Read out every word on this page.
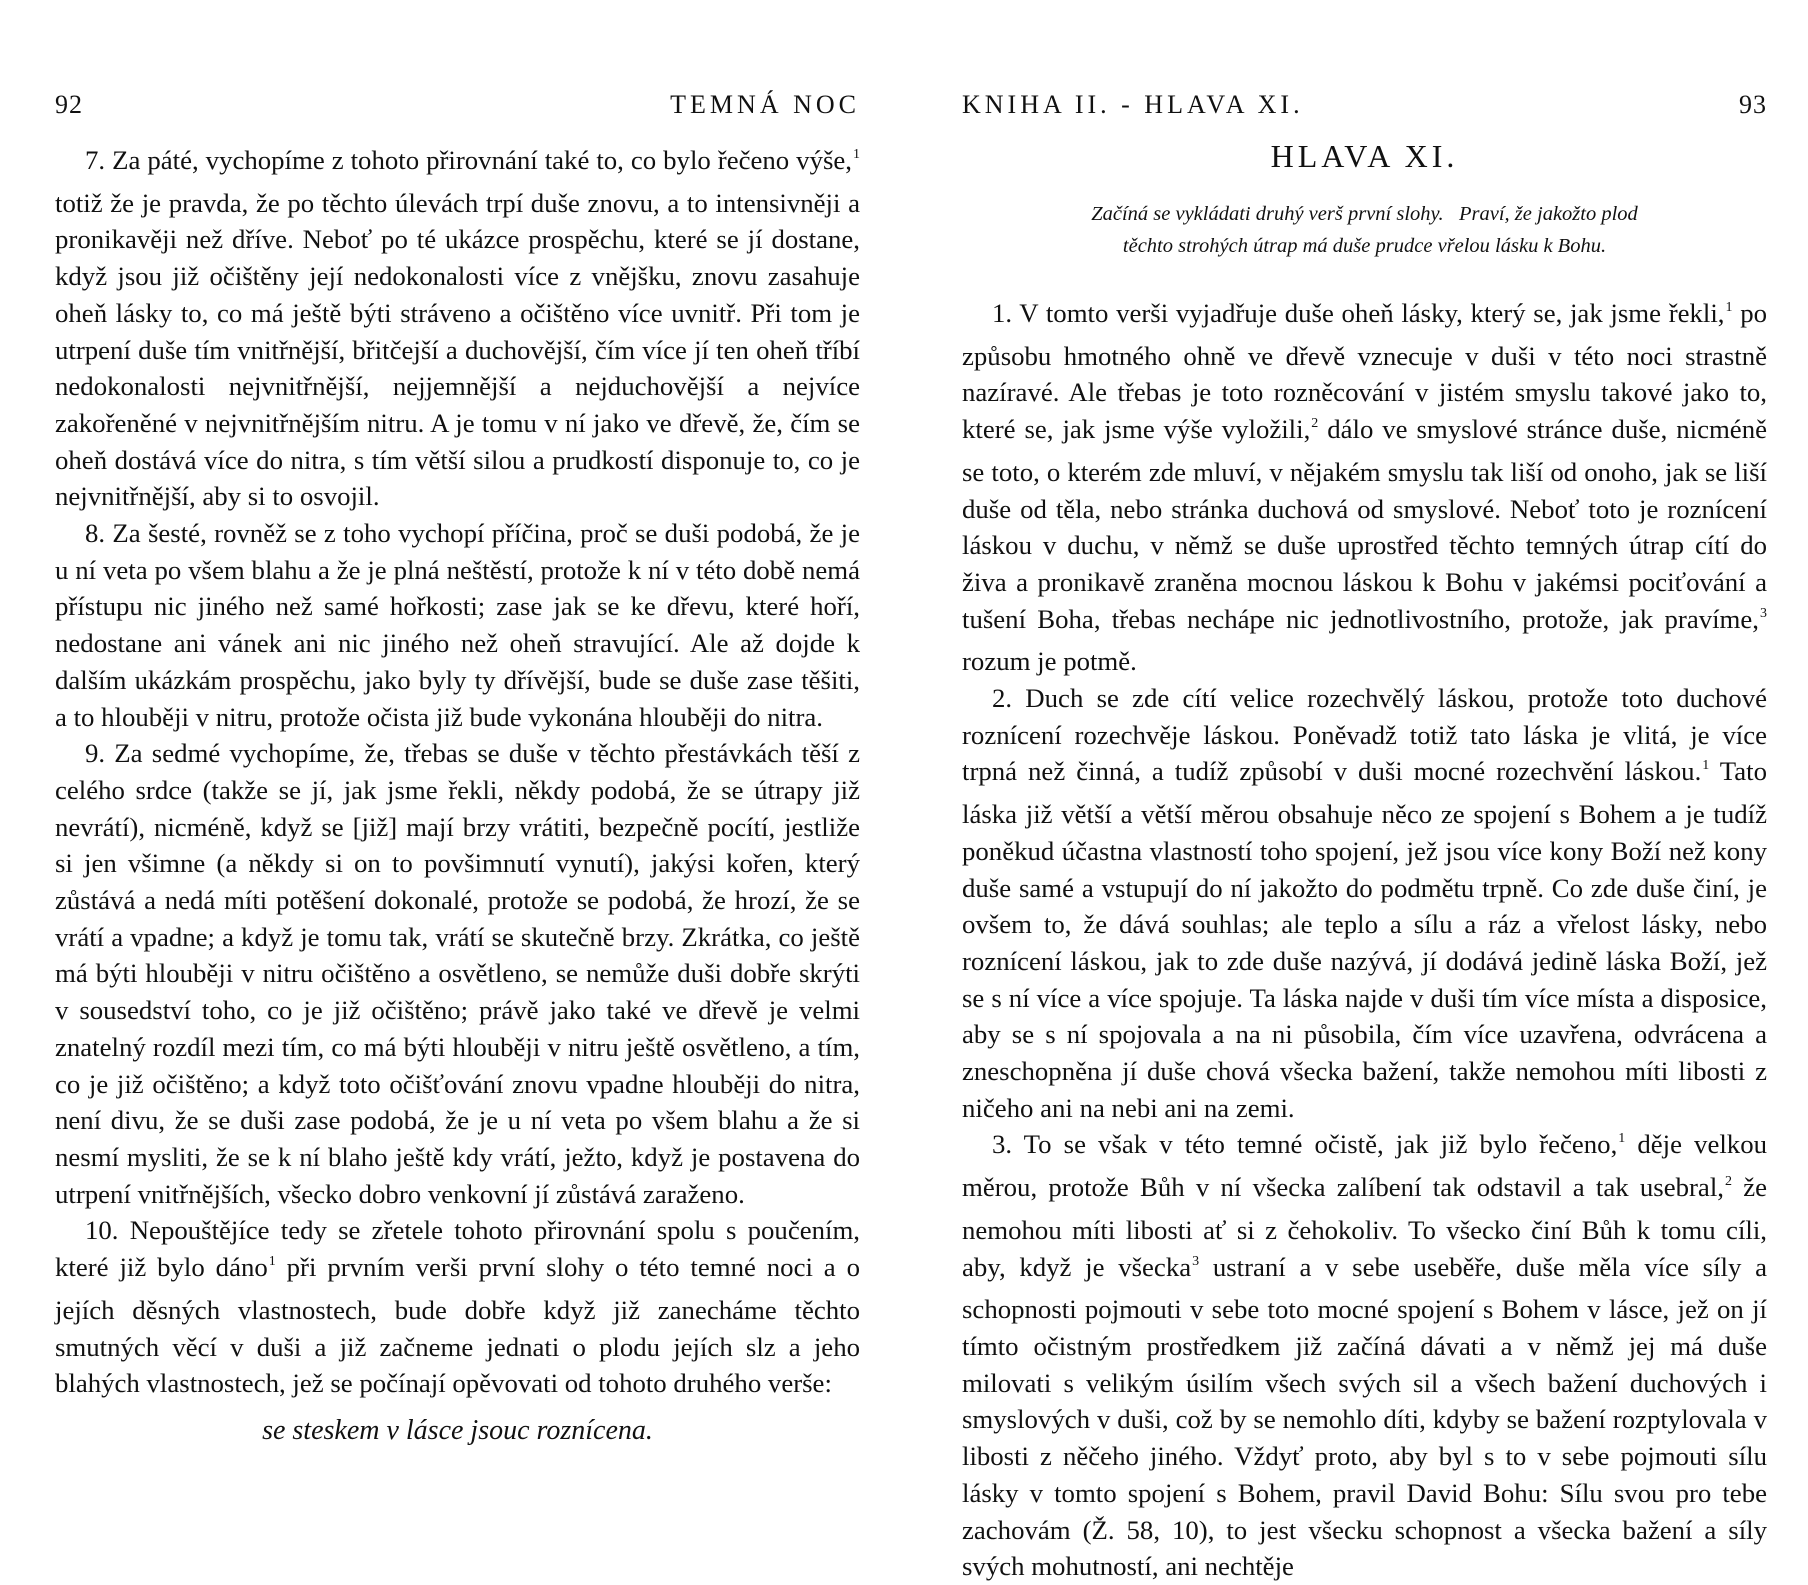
92	TEMNÁ NOC

7. Za páté, vychopíme z tohoto přirovnání také to, co bylo řečeno výše,$^1$ totiž že je pravda, že po těchto úlevách trpí duše znovu, a to intensivněji a pronikavěji než dříve. Neboť po té ukázce prospěchu, které se jí dostane, když jsou již očištěny její nedokonalosti více z vnějšku, znovu zasahuje oheň lásky to, co má ještě býti stráveno a očištěno více uvnitř. Při tom je utrpení duše tím vnitřnější, břitčejší a duchovější, čím více jí ten oheň tříbí nedokonalosti nejvnitřnější, nejjemnější a nejduchovější a nejvíce zakořeněné v nejvnitřnějším nitru. A je tomu v ní jako ve dřevě, že, čím se oheň dostává více do nitra, s tím větší silou a prudkostí disponuje to, co je nejvnitřnější, aby si to osvojil.

8. Za šesté, rovněž se z toho vychopí příčina, proč se duši podobá, že je u ní veta po všem blahu a že je plná neštěstí, protože k ní v této době nemá přístupu nic jiného než samé hořkosti; zase jak se ke dřevu, které hoří, nedostane ani vánek ani nic jiného než oheň stravující. Ale až dojde k dalším ukázkám prospěchu, jako byly ty dřívější, bude se duše zase těšiti, a to hlouběji v nitru, protože očista již bude vykonána hlouběji do nitra.

9. Za sedmé vychopíme, že, třebas se duše v těchto přestávkách těší z celého srdce (takže se jí, jak jsme řekli, někdy podobá, že se útrapy již nevrátí), nicméně, když se [již] mají brzy vrátiti, bezpečně pocítí, jestliže si jen všimne (a někdy si on to povšimnutí vynutí), jakýsi kořen, který zůstává a nedá míti potěšení dokonalé, protože se podobá, že hrozí, že se vrátí a vpadne; a když je tomu tak, vrátí se skutečně brzy. Zkrátka, co ještě má býti hlouběji v nitru očištěno a osvětleno, se nemůže duši dobře skrýti v sousedství toho, co je již očištěno; právě jako také ve dřevě je velmi znatelný rozdíl mezi tím, co má býti hlouběji v nitru ještě osvětleno, a tím, co je již očištěno; a když toto očišťování znovu vpadne hlouběji do nitra, není divu, že se duši zase podobá, že je u ní veta po všem blahu a že si nesmí mysliti, že se k ní blaho ještě kdy vrátí, ježto, když je postavena do utrpení vnitřnějších, všecko dobro venkovní jí zůstává zaraženo.

10. Nepouštějíce tedy se zřetele tohoto přirovnání spolu s poučením, které již bylo dáno$^1$ při prvním verši první slohy o této temné noci a o jejích děsných vlastnostech, bude dobře když již zanecháme těchto smutných věcí v duši a již začneme jednati o plodu jejích slz a jeho blahých vlastnostech, jež se počínají opěvovati od tohoto druhého verše:

se steskem v lásce jsouc roznícena.
KNIHA II. - HLAVA XI.	93
HLAVA XI.
Začíná se vykládati druhý verš první slohy.   Praví, že jakožto plod
těchto strohých útrap má duše prudce vřelou lásku k Bohu.

1. V tomto verši vyjadřuje duše oheň lásky, který se, jak jsme řekli,$^1$ po způsobu hmotného ohně ve dřevě vznecuje v duši v této noci strastně nazíravé. Ale třebas je toto rozněcování v jistém smyslu takové jako to, které se, jak jsme výše vyložili,$^2$ dálo ve smyslové stránce duše, nicméně se toto, o kterém zde mluví, v nějakém smyslu tak liší od onoho, jak se liší duše od těla, nebo stránka duchová od smyslové. Neboť toto je roznícení láskou v duchu, v němž se duše uprostřed těchto temných útrap cítí do živa a pronikavě zraněna mocnou láskou k Bohu v jakémsi pociťování a tušení Boha, třebas nechápe nic jednotlivostního, protože, jak pravíme,$^3$ rozum je potmě.

2. Duch se zde cítí velice rozechvělý láskou, protože toto duchové roznícení rozechvěje láskou. Poněvadž totiž tato láska je vlitá, je více trpná než činná, a tudíž způsobí v duši mocné rozechvění láskou.$^1$ Tato láska již větší a větší měrou obsahuje něco ze spojení s Bohem a je tudíž poněkud účastna vlastností toho spojení, jež jsou více kony Boží než kony duše samé a vstupují do ní jakožto do podmětu trpně. Co zde duše činí, je ovšem to, že dává souhlas; ale teplo a sílu a ráz a vřelost lásky, nebo roznícení láskou, jak to zde duše nazývá, jí dodává jedině láska Boží, jež se s ní více a více spojuje. Ta láska najde v duši tím více místa a disposice, aby se s ní spojovala a na ni působila, čím více uzavřena, odvrácena a zneschopněna jí duše chová všecka bažení, takže nemohou míti libosti z ničeho ani na nebi ani na zemi.

3. To se však v této temné očistě, jak již bylo řečeno,$^1$ děje velkou měrou, protože Bůh v ní všecka zalíbení tak odstavil a tak usebral,$^2$ že nemohou míti libosti ať si z čehokoliv. To všecko činí Bůh k tomu cíli, aby, když je všecka$^3$ ustraní a v sebe useběře, duše měla více síly a schopnosti pojmouti v sebe toto mocné spojení s Bohem v lásce, jež on jí tímto očistným prostředkem již začíná dávati a v němž jej má duše milovati s velikým úsilím všech svých sil a všech bažení duchových i smyslových v duši, což by se nemohlo díti, kdyby se bažení rozptylovala v libosti z něčeho jiného. Vždyť proto, aby byl s to v sebe pojmouti sílu lásky v tomto spojení s Bohem, pravil David Bohu: Sílu svou pro tebe zachovám (Ž. 58, 10), to jest všecku schopnost a všecka bažení a síly svých mohutností, ani nechtěje
